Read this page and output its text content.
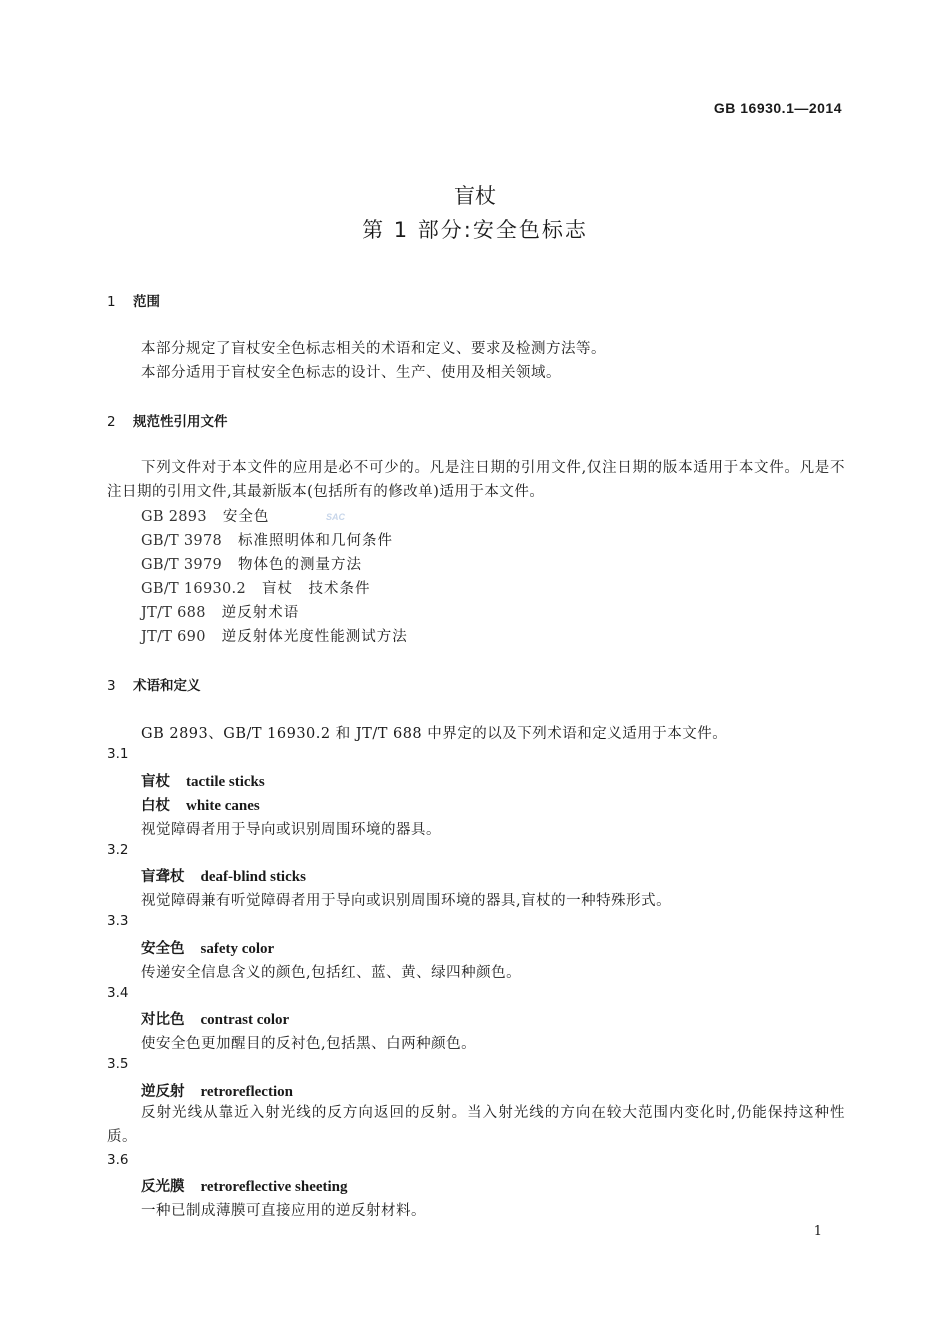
GB 16930.1—2014
盲杖
第 1 部分:安全色标志
SAC
1 范围
本部分规定了盲杖安全色标志相关的术语和定义、要求及检测方法等。
本部分适用于盲杖安全色标志的设计、生产、使用及相关领域。
2 规范性引用文件
下列文件对于本文件的应用是必不可少的。凡是注日期的引用文件,仅注日期的版本适用于本文件。凡是不注日期的引用文件,其最新版本(包括所有的修改单)适用于本文件。
GB 2893 安全色
GB/T 3978 标准照明体和几何条件
GB/T 3979 物体色的测量方法
GB/T 16930.2 盲杖　技术条件
JT/T 688 逆反射术语
JT/T 690 逆反射体光度性能测试方法
3 术语和定义
GB 2893、GB/T 16930.2 和 JT/T 688 中界定的以及下列术语和定义适用于本文件。
3.1
盲杖 tactile sticks
白杖 white canes
视觉障碍者用于导向或识别周围环境的器具。
3.2
盲聋杖 deaf-blind sticks
视觉障碍兼有听觉障碍者用于导向或识别周围环境的器具,盲杖的一种特殊形式。
3.3
安全色 safety color
传递安全信息含义的颜色,包括红、蓝、黄、绿四种颜色。
3.4
对比色 contrast color
使安全色更加醒目的反衬色,包括黑、白两种颜色。
3.5
逆反射 retroreflection
反射光线从靠近入射光线的反方向返回的反射。当入射光线的方向在较大范围内变化时,仍能保持这种性质。
3.6
反光膜 retroreflective sheeting
一种已制成薄膜可直接应用的逆反射材料。
1
